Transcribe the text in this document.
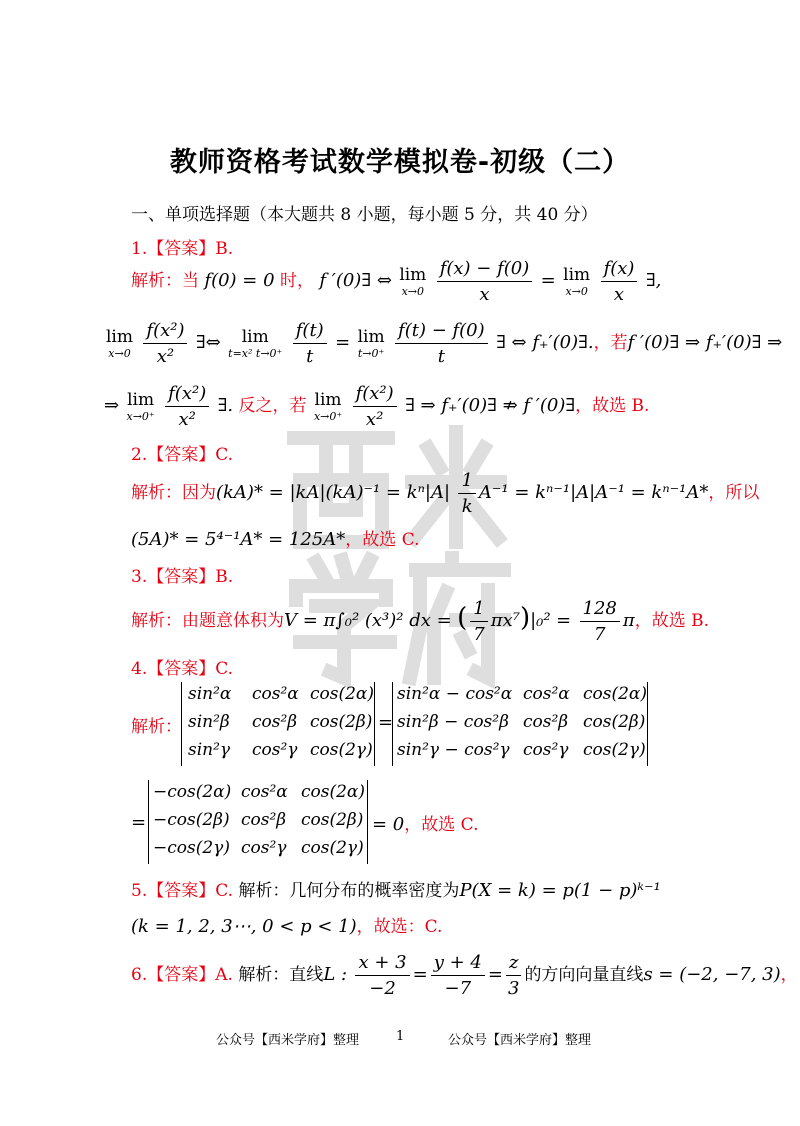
教师资格考试数学模拟卷-初级（二）
一、单项选择题（本大题共 8 小题，每小题 5 分，共 40 分）
1.【答案】B.
解析：当 f(0) = 0 时， f ′(0)∃ ⇔ lim
x→0
$\frac{f(x) - f(0)}{x} = \lim$
x→0
$\frac{f(x)}{x}$ ∃,
lim
x→0
$\frac{\text{f(x²)}}{\text{x²}}$ ∃⇔ lim
t=x² t→0⁺
$\frac{f(t)}{t} = \lim$
t→0⁺
$\frac{f(t) - f(0)}{t}$ ∃ ⇔ f₊′(0)∃.，若f ′(0)∃ ⇒ f₊′(0)∃ ⇒
⇒ lim
x→0⁺
$\frac{\text{f(x²)}}{\text{x²}}$ ∃. 反之，若 lim
x→0⁺
$\frac{\text{f(x²)}}{\text{x²}}$ ∃ ⇒ f₊′(0)∃ ⇏ f ′(0)∃，故选 B.
2.【答案】C.
解析：因为$(kA)* = |kA|(kA)^{-1} = k^n|A| \frac{1}{k} A^{-1} = k^{n-1}|A|A^{-1} = k^{n-1}A*$，所以
(5A)* = 5⁴⁻¹A* = 125A*，故选 C.
3.【答案】B.
解析：由题意体积为V = π∫₀² (x³)² dx = ( $\frac{1}{7} \pi x^7)|_0^2 = \frac{128}{7}$ π，故选 B.
4.【答案】C.
解析：
sin²α cos²α cos(2α)
sin²β cos²β cos(2β)
sin²γ cos²γ cos(2γ)
=
sin²α − cos²α cos²α cos(2α)
sin²β − cos²β cos²β cos(2β)
sin²γ − cos²γ cos²γ cos(2γ)
=
−cos(2α) cos²α cos(2α)
−cos(2β) cos²β cos(2β)
−cos(2γ) cos²γ cos(2γ)
= 0，故选 C.
5.【答案】C. 解析：几何分布的概率密度为P(X = k) = p(1 − p)ᵏ⁻¹
(k = 1, 2, 3⋯, 0 < p < 1)，故选：C.
6.【答案】A. 解析：直线L : $\frac{x + 3}{-2} = \frac{y + 4}{-7} = \frac{z}{3}$ 的方向向量直线s = (−2, −7, 3)，
公众号【西米学府】整理	1	公众号【西米学府】整理
